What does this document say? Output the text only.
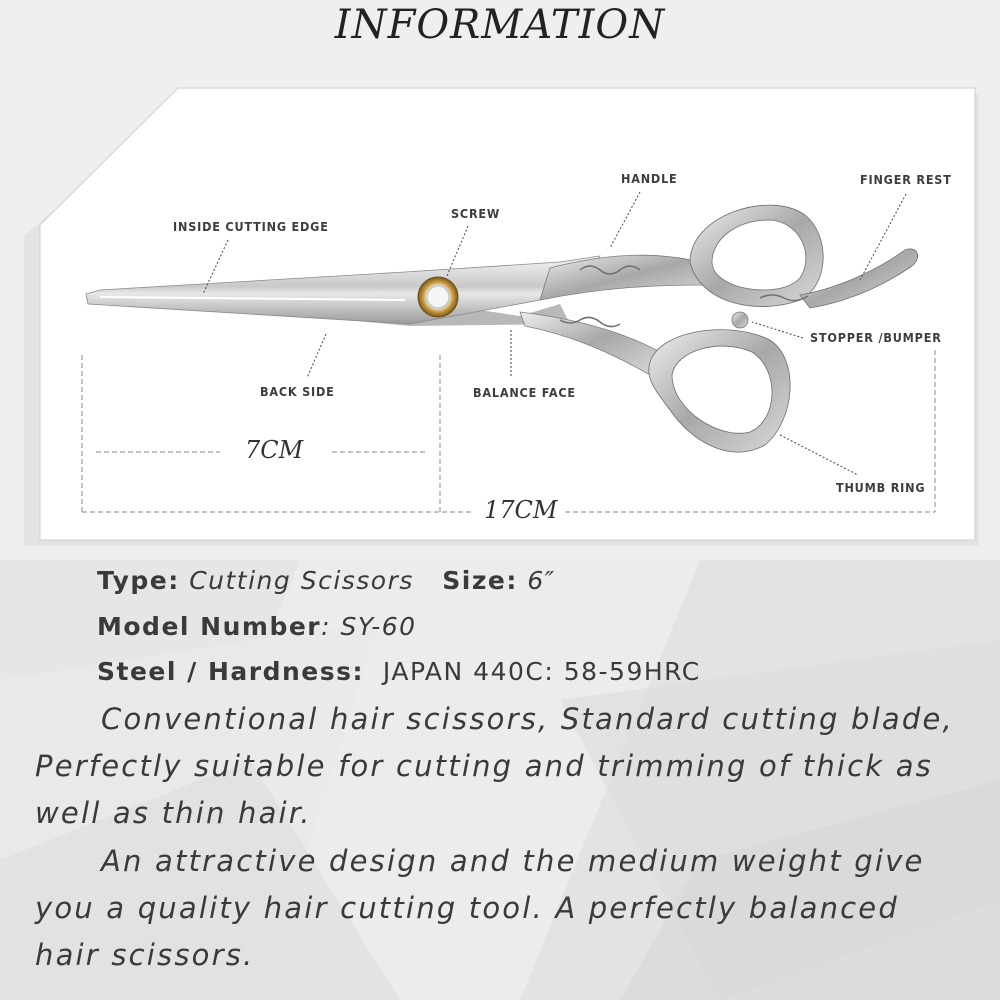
INFORMATION
INSIDE CUTTING EDGE
SCREW
HANDLE	FINGER REST
STOPPER /BUMPER
BACK SIDE	BALANCE FACE
THUMB RING
7CM
17CM
Type: Cutting Scissors Size: 6″
Model Number: SY-60
Steel / Hardness: JAPAN 440C: 58-59HRC
Conventional hair scissors, Standard cutting blade, Perfectly suitable for cutting and trimming of thick as well as thin hair.
An attractive design and the medium weight give you a quality hair cutting tool. A perfectly balanced hair scissors.
